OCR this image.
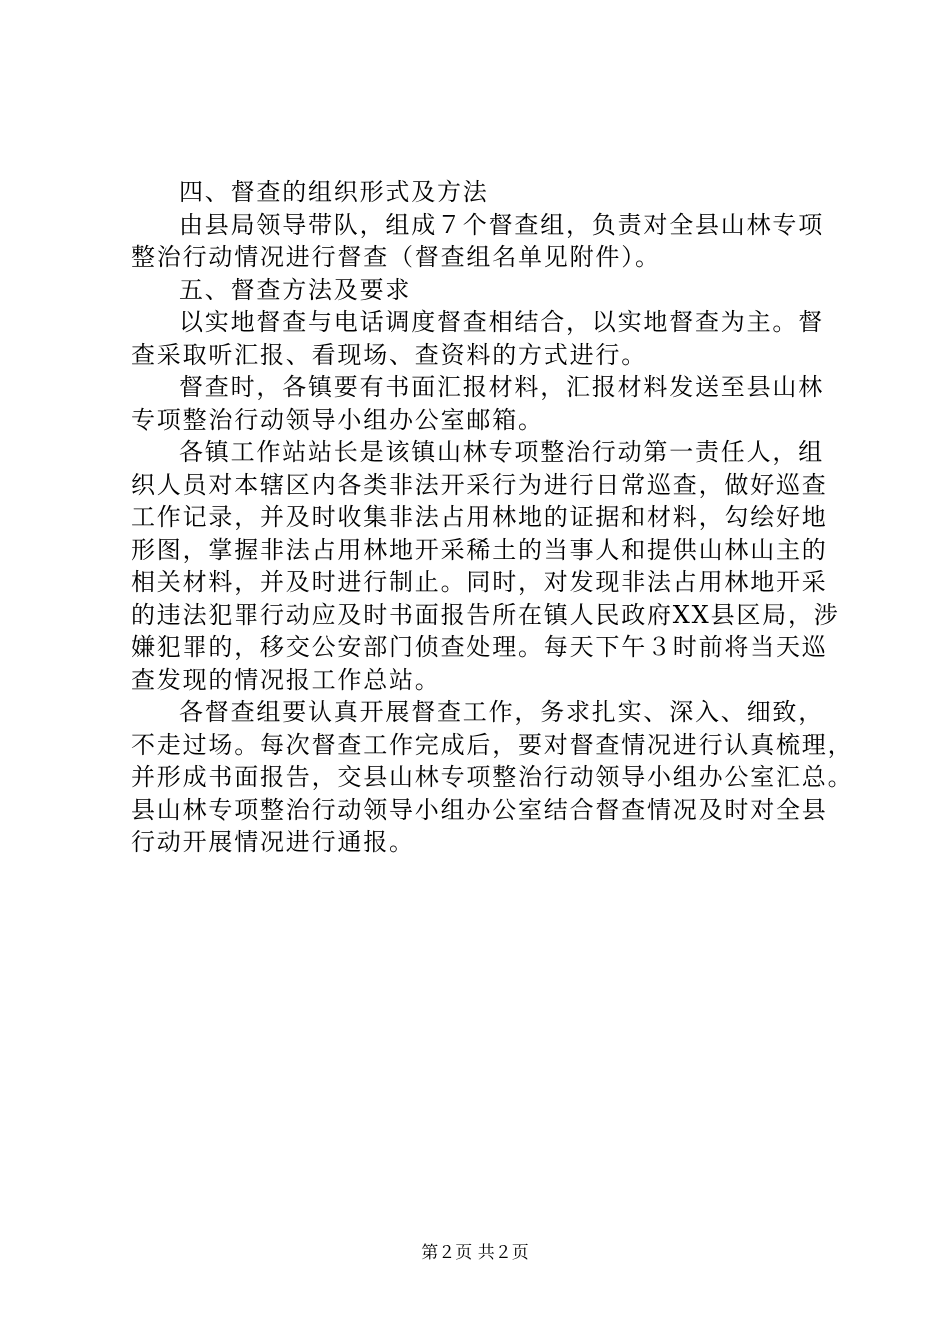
四、督查的组织形式及方法
由县局领导带队，组成７个督查组，负责对全县山林专项
整治行动情况进行督查（督查组名单见附件）。
五、督查方法及要求
以实地督查与电话调度督查相结合，以实地督查为主。督
查采取听汇报、看现场、查资料的方式进行。
督查时，各镇要有书面汇报材料，汇报材料发送至县山林
专项整治行动领导小组办公室邮箱。
各镇工作站站长是该镇山林专项整治行动第一责任人，组
织人员对本辖区内各类非法开采行为进行日常巡查，做好巡查
工作记录，并及时收集非法占用林地的证据和材料，勾绘好地
形图，掌握非法占用林地开采稀土的当事人和提供山林山主的
相关材料，并及时进行制止。同时，对发现非法占用林地开采
的违法犯罪行动应及时书面报告所在镇人民政府XX县区局，涉
嫌犯罪的，移交公安部门侦查处理。每天下午３时前将当天巡
查发现的情况报工作总站。
各督查组要认真开展督查工作，务求扎实、深入、细致，
不走过场。每次督查工作完成后，要对督查情况进行认真梳理，
并形成书面报告，交县山林专项整治行动领导小组办公室汇总。
县山林专项整治行动领导小组办公室结合督查情况及时对全县
行动开展情况进行通报。
第２页 共２页
